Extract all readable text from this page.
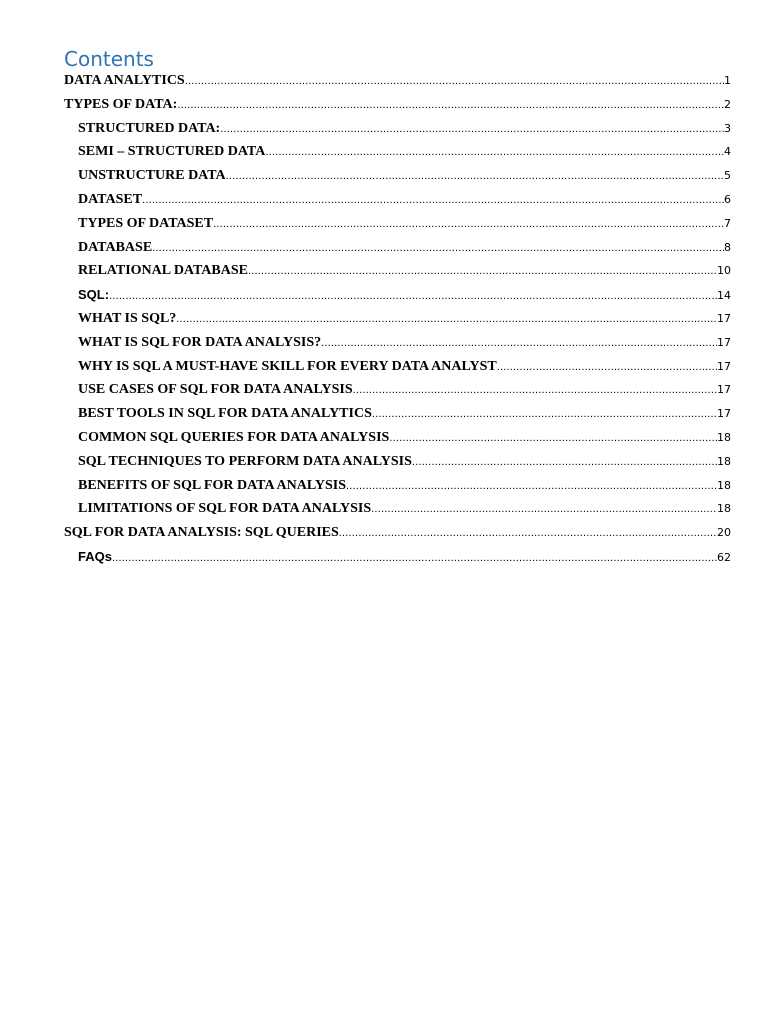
Contents
DATA ANALYTICS .....	1
TYPES OF DATA: .....	2
STRUCTURED DATA: .....	3
SEMI – STRUCTURED DATA .....	4
UNSTRUCTURE DATA .....	5
DATASET .....	6
TYPES OF DATASET .....	7
DATABASE .....	8
RELATIONAL DATABASE .....	10
SQL: .....	14
WHAT IS SQL? .....	17
WHAT IS SQL FOR DATA ANALYSIS? .....	17
WHY IS SQL A MUST-HAVE SKILL FOR EVERY DATA ANALYST .....	17
USE CASES OF SQL FOR DATA ANALYSIS .....	17
BEST TOOLS IN SQL FOR DATA ANALYTICS .....	17
COMMON SQL QUERIES FOR DATA ANALYSIS .....	18
SQL TECHNIQUES TO PERFORM DATA ANALYSIS .....	18
BENEFITS OF SQL FOR DATA ANALYSIS .....	18
LIMITATIONS OF SQL FOR DATA ANALYSIS .....	18
SQL FOR DATA ANALYSIS: SQL QUERIES .....	20
FAQs .....	62
